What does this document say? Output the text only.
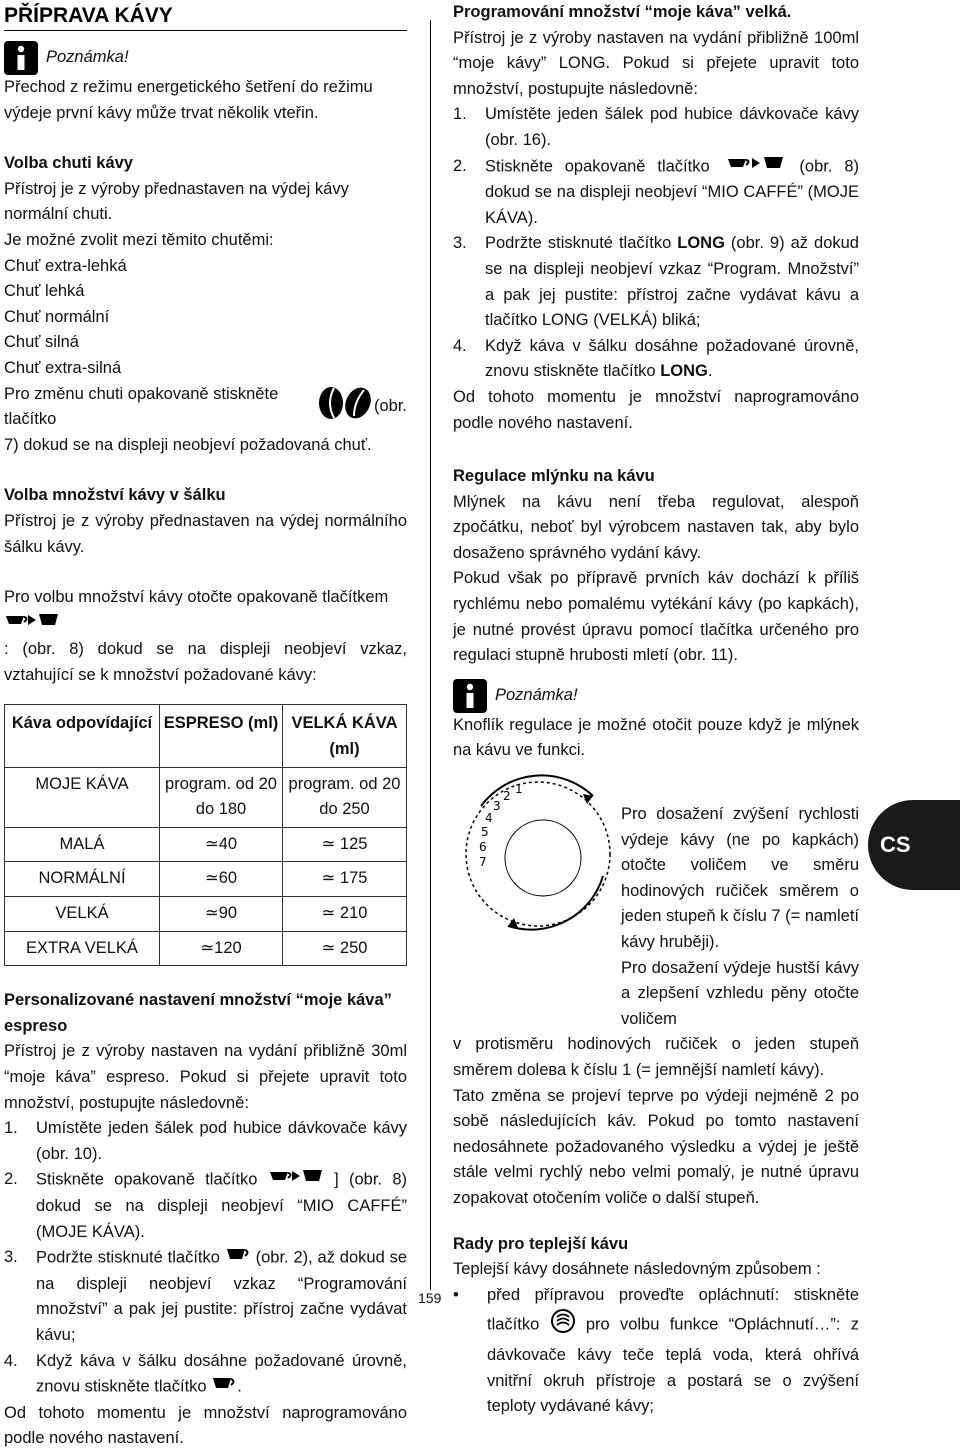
PŘÍPRAVA KÁVY
Poznámka!

Přechod z režimu energetického šetření do režimu výdeje první kávy může trvat několik vteřin.

Volba chuti kávy

Přístroj je z výroby přednastaven na výdej kávy normální chuti.

Je možné zvolit mezi těmito chutěmi:

Chuť extra-lehká

Chuť lehká

Chuť normální

Chuť silná

Chuť extra-silná

Pro změnu chuti opakovaně stiskněte tlačítko
(obr.

7) dokud se na displeji neobjeví požadovaná chuť.

Volba množství kávy v šálku

Přístroj je z výroby přednastaven na výdej normálního šálku kávy.

Pro volbu množství kávy otočte opakovaně tlačítkem

: (obr. 8) dokud se na displeji neobjeví vzkaz, vztahující se k množství požadované kávy:

Káva odpovídající	ESPRESO (ml)	VELKÁ KÁVA (ml)
MOJE KÁVA	program. od 20 do 180	program. od 20 do 250
MALÁ	≃40	≃ 125
NORMÁLNÍ	≃60	≃ 175
VELKÁ	≃90	≃ 210
EXTRA VELKÁ	≃120	≃ 250

Personalizované nastavení množství “moje káva” espreso

Přístroj je z výroby nastaven na vydání přibližně 30ml “moje káva” espreso. Pokud si přejete upravit toto množství, postupujte následovně:

1.	Umístěte jeden šálek pod hubice dávkovače kávy (obr. 10).
2.	Stiskněte opakovaně tlačítko	] (obr. 8) dokud se na displeji neobjeví “MIO CAFFÉ” (MOJE KÁVA).
3.	Podržte stisknuté tlačítko (obr. 2), až dokud se na displeji neobjeví vzkaz “Programování množství” a pak jej pustite: přístroj začne vydávat kávu;
4.	Když káva v šálku dosáhne požadované úrovně, znovu stiskněte tlačítko .

Od tohoto momentu je množství naprogramováno podle nového nastavení.

Programování množství “moje káva” velká.

Přístroj je z výroby nastaven na vydání přibližně 100ml “moje kávy” LONG. Pokud si přejete upravit toto množství, postupujte následovně:

1.	Umístěte jeden šálek pod hubice dávkovače kávy (obr. 16).
2.	Stiskněte opakovaně tlačítko	(obr. 8) dokud se na displeji neobjeví “MIO CAFFÉ” (MOJE KÁVA).
3.	Podržte stisknuté tlačítko LONG (obr. 9) až dokud se na displeji neobjeví vzkaz “Program. Množství” a pak jej pustite: přístroj začne vydávat kávu a tlačítko LONG (VELKÁ) bliká;
4.	Když káva v šálku dosáhne požadované úrovně, znovu stiskněte tlačítko LONG.

Od tohoto momentu je množství naprogramováno podle nového nastavení.

Regulace mlýnku na kávu

Mlýnek na kávu není třeba regulovat, alespoň zpočátku, neboť byl výrobcem nastaven tak, aby bylo dosaženo správného vydání kávy.

Pokud však po přípravě prvních káv dochází k příliš rychlému nebo pomalému vytékání kávy (po kapkách), je nutné provést úpravu pomocí tlačítka určeného pro regulaci stupně hrubosti mletí (obr. 11).

Poznámka!

Knoflík regulace je možné otočit pouze když je mlýnek na kávu ve funkci.

Pro dosažení zvýšení rychlosti výdeje kávy (ne po kapkách) otočte voličem ve směru hodinových ručiček směrem o jeden stupeň k číslu 7 (= namletí kávy hruběji).

Pro dosažení výdeje hustší kávy a zlepšení vzhledu pěny otočte voličem

v protisměru hodinových ručiček o jeden stupeň směrem dolева k číslu 1 (= jemnější namletí kávy).

Tato změna se projeví teprve po výdeji nejméně 2 po sobě následujících káv. Pokud po tomto nastavení nedosáhnete požadovaného výsledku a výdej je ještě stále velmi rychlý nebo velmi pomalý, je nutné úpravu zopakovat otočením voliče o další stupeň.

Rady pro teplejší kávu

Teplejší kávy dosáhnete následovným způsobem :

•	před přípravou proveďte opláchnutí: stiskněte tlačítko	pro volbu funkce “Opláchnutí…”: z dávkovače kávy teče teplá voda, která ohřívá vnitřní okruh přístroje a postará se o zvýšení teploty vydávané kávy;
7
6
5
4
3
2 1
CS
159
